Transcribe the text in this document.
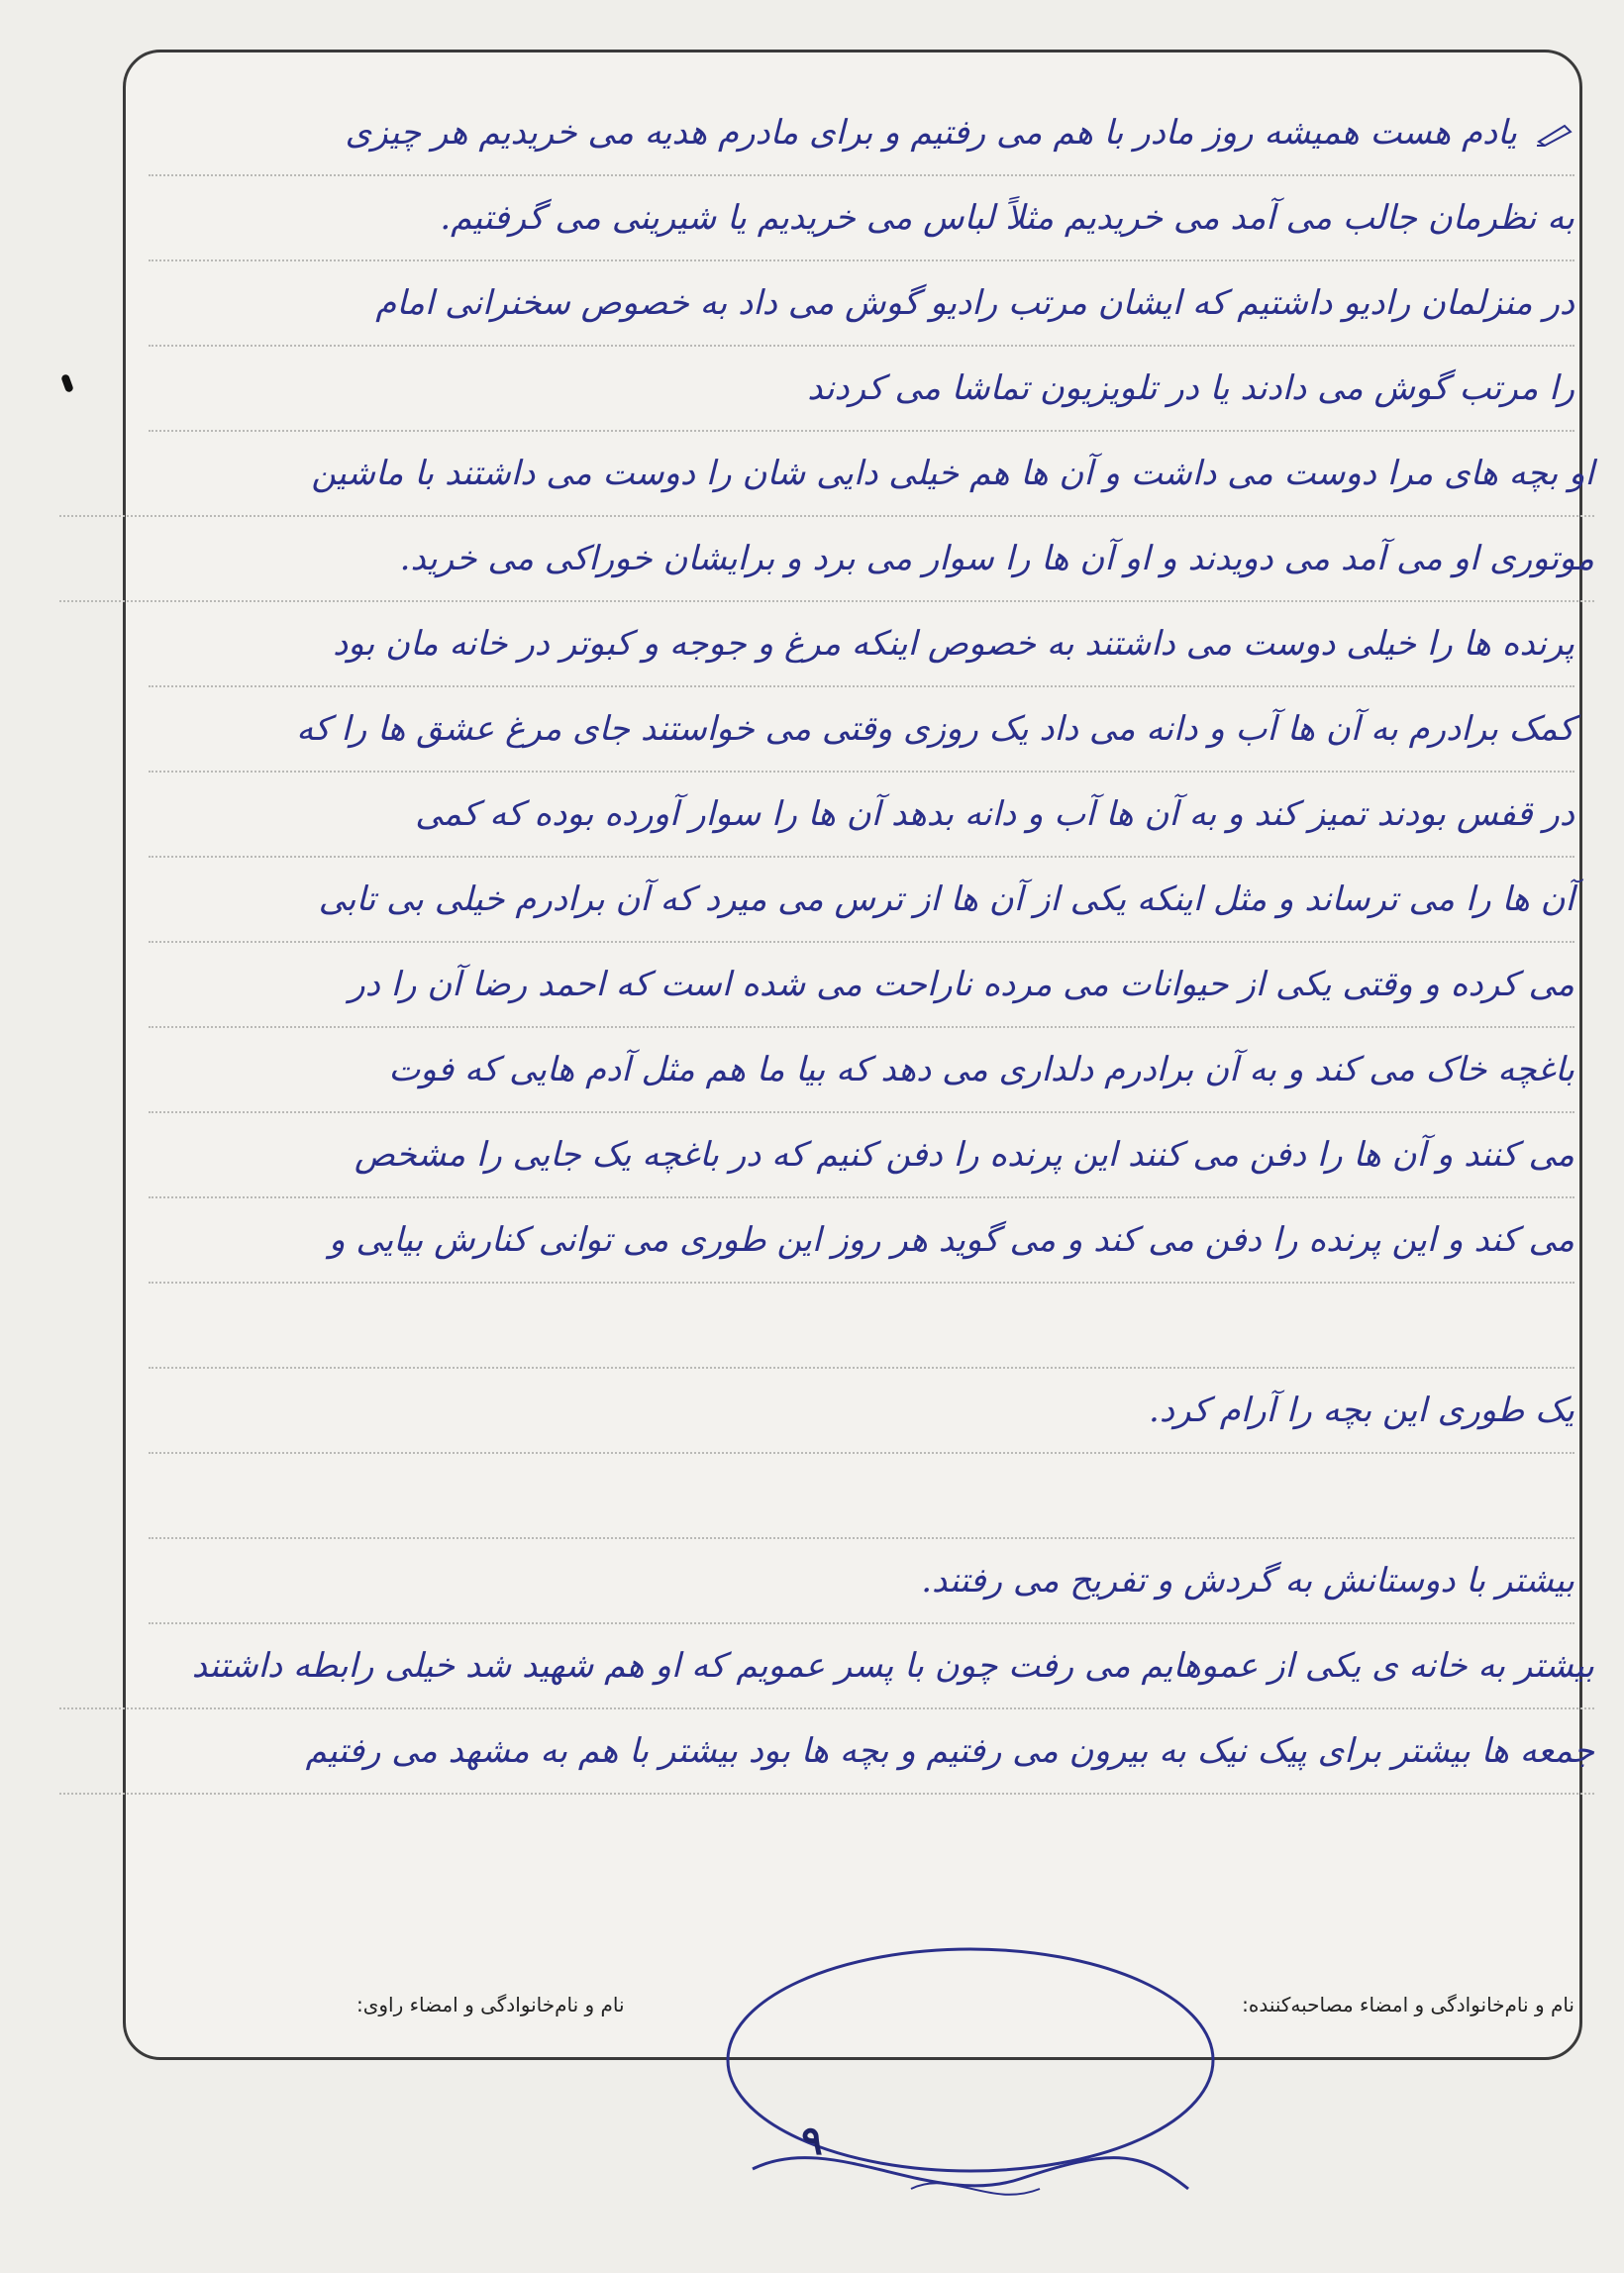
یادم هست همیشه روز مادر با هم می رفتیم و برای مادرم هدیه می خریدیم هر چیزی
به نظرمان جالب می آمد می خریدیم مثلاً لباس می خریدیم یا شیرینی می گرفتیم.
در منزلمان رادیو داشتیم که ایشان مرتب رادیو گوش می داد به خصوص سخنرانی امام
را مرتب گوش می دادند یا در تلویزیون تماشا می کردند
او بچه های مرا دوست می داشت و آن ها هم خیلی دایی شان را دوست می داشتند با ماشین
موتوری او می آمد می دویدند و او آن ها را سوار می برد و برایشان خوراکی می خرید.
پرنده ها را خیلی دوست می داشتند به خصوص اینکه مرغ و جوجه و کبوتر در خانه مان بود
کمک برادرم به آن ها آب و دانه می داد یک روزی وقتی می خواستند جای مرغ عشق ها را که
در قفس بودند تمیز کند و به آن ها آب و دانه بدهد آن ها را سوار آورده بوده که کمی
آن ها را می ترساند و مثل اینکه یکی از آن ها از ترس می میرد که آن برادرم خیلی بی تابی
می کرده و وقتی یکی از حیوانات می مرده ناراحت می شده است که احمد رضا آن را در
باغچه خاک می کند و به آن برادرم دلداری می دهد که بیا ما هم مثل آدم هایی که فوت
می کنند و آن ها را دفن می کنند این پرنده را دفن کنیم که در باغچه یک جایی را مشخص
می کند و این پرنده را دفن می کند و می گوید هر روز این طوری می توانی کنارش بیایی و
یک طوری این بچه را آرام کرد.
بیشتر با دوستانش به گردش و تفریح می رفتند.
بیشتر به خانه ی یکی از عموهایم می رفت چون با پسر عمویم که او هم شهید شد خیلی رابطه داشتند
جمعه ها بیشتر برای پیک نیک به بیرون می رفتیم و بچه ها بود بیشتر با هم به مشهد می رفتیم
نام و نام‌خانوادگی و امضاء مصاحبه‌کننده:
نام و نام‌خانوادگی و امضاء راوی:
۹
